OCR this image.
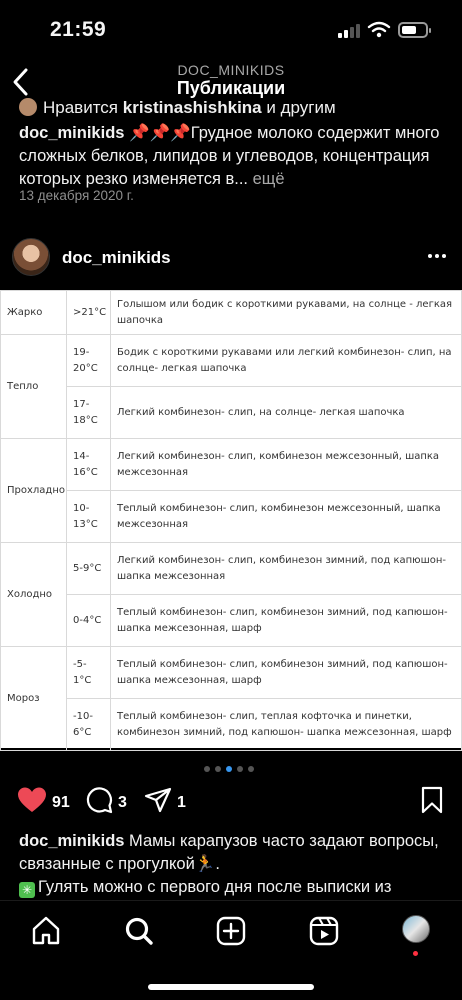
21:59
DOC_MINIKIDS
Публикации
Нравится kristinashishkina и другим
doc_minikids 📌📌📌Грудное молоко содержит много сложных белков, липидов и углеводов, концентрация которых резко изменяется в... ещё
13 декабря 2020 г.
doc_minikids
Жарко	>21°C	Голышом или бодик с короткими рукавами, на солнце - легкая шапочка
Тепло	19-20°C	Бодик с короткими рукавами или легкий комбинезон- слип, на солнце- легкая шапочка
	17-18°C	Легкий комбинезон- слип, на солнце- легкая шапочка
Прохладно	14-16°C	Легкий комбинезон- слип, комбинезон межсезонный, шапка межсезонная
	10-13°C	Теплый комбинезон- слип, комбинезон межсезонный, шапка межсезонная
Холодно	5-9°C	Легкий комбинезон- слип, комбинезон зимний, под капюшон- шапка межсезонная
	0-4°C	Теплый комбинезон- слип, комбинезон зимний, под капюшон- шапка межсезонная, шарф
Мороз	-5-1°C	Теплый комбинезон- слип, комбинезон зимний, под капюшон- шапка межсезонная, шарф
	-10-6°C	Теплый комбинезон- слип, теплая кофточка и пинетки, комбинезон зимний, под капюшон- шапка межсезонная, шарф
91	3	1
doc_minikids Мамы карапузов часто задают вопросы, связанные с прогулкой🏃.
✳ Гулять можно с первого дня после выписки из
